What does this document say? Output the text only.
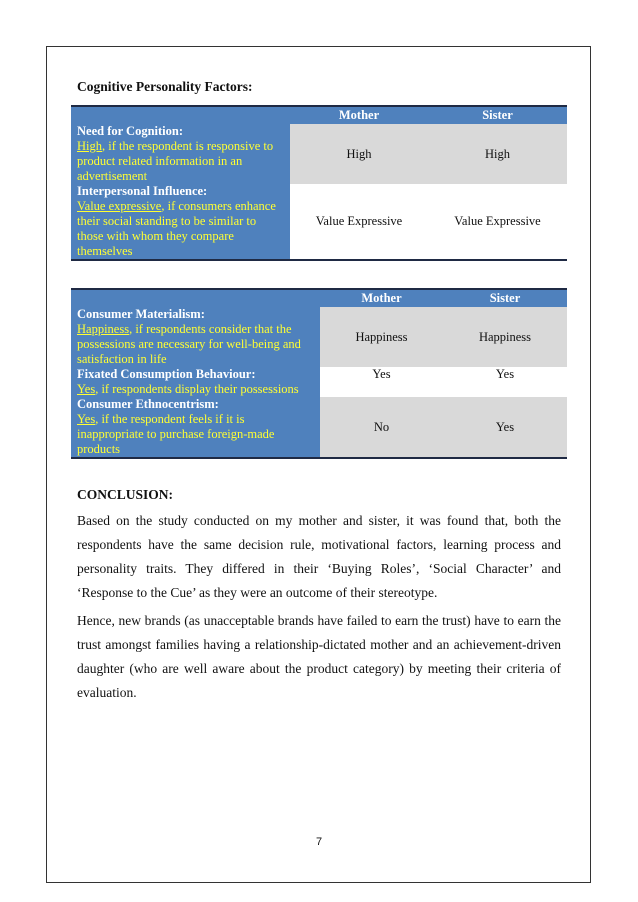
Cognitive Personality Factors:

	Mother	Sister

Need for Cognition:
High, if the respondent is responsive to product related information in an advertisement	High	High

Interpersonal Influence:
Value expressive, if consumers enhance their social standing to be similar to those with whom they compare themselves	Value Expressive	Value Expressive
	Mother	Sister

Consumer Materialism:
Happiness, if respondents consider that the possessions are necessary for well-being and satisfaction in life	Happiness	Happiness

Fixated Consumption Behaviour:
Yes, if respondents display their possessions	Yes	Yes

Consumer Ethnocentrism:
Yes, if the respondent feels if it is inappropriate to purchase foreign-made products	No	Yes

CONCLUSION:

Based on the study conducted on my mother and sister, it was found that, both the respondents have the same decision rule, motivational factors, learning process and personality traits. They differed in their ‘Buying Roles’, ‘Social Character’ and ‘Response to the Cue’ as they were an outcome of their stereotype.

Hence, new brands (as unacceptable brands have failed to earn the trust) have to earn the trust amongst families having a relationship-dictated mother and an achievement-driven daughter (who are well aware about the product category) by meeting their criteria of evaluation.

7
